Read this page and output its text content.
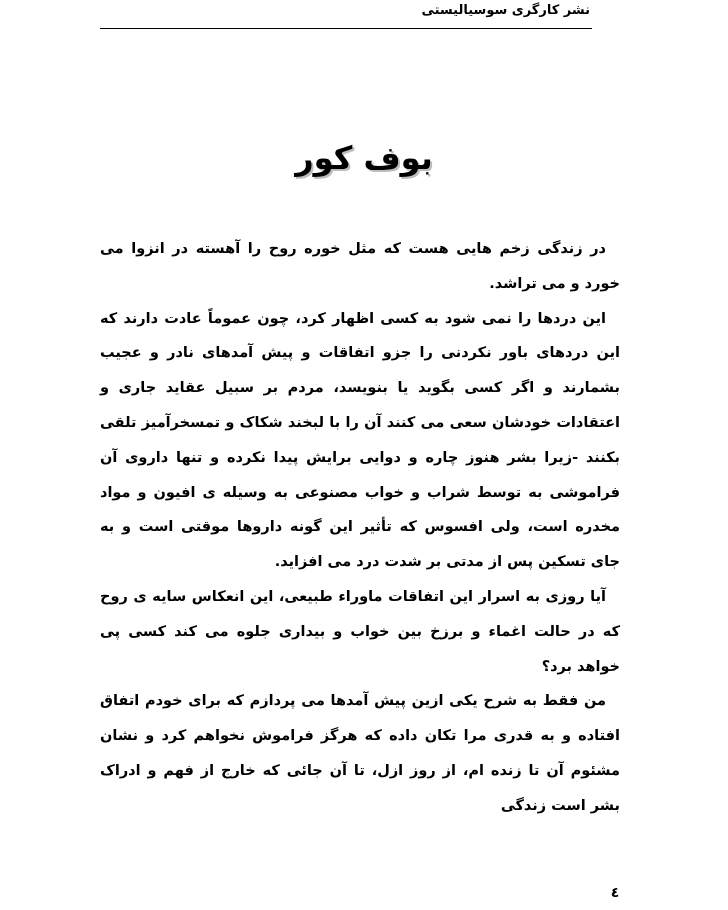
نشر کارگری سوسیالیستی
بوف کور

در زندگی زخم هایی هست که مثل خوره روح را آهسته در انزوا می خورد و می تراشد.

این دردها را نمی شود به کسی اظهار کرد، چون عموماً عادت دارند که این دردهای باور نکردنی را جزو اتفاقات و پیش آمدهای نادر و عجیب بشمارند و اگر کسی بگوید یا بنویسد، مردم بر سبیل عقاید جاری و اعتقادات خودشان سعی می کنند آن را با لبخند شکاک و تمسخرآمیز تلقی بکنند -زیرا بشر هنوز چاره و دوایی برایش پیدا نکرده و تنها داروی آن فراموشی به توسط شراب و خواب مصنوعی به وسیله ی افیون و مواد مخدره است، ولی افسوس که تأثیر این گونه داروها موقتی است و به جای تسکین پس از مدتی بر شدت درد می افزاید.

آیا روزی به اسرار این اتفاقات ماوراء طبیعی، این انعکاس سایه ی روح که در حالت اغماء و برزخ بین خواب و بیداری جلوه می کند کسی پی خواهد برد؟

من فقط به شرح یکی ازین پیش آمدها می پردازم که برای خودم اتفاق افتاده و به قدری مرا تکان داده که هرگز فراموش نخواهم کرد و نشان مشئوم آن تا زنده ام، از روز ازل، تا آن جائی که خارج از فهم و ادراک بشر است زندگی

٤
